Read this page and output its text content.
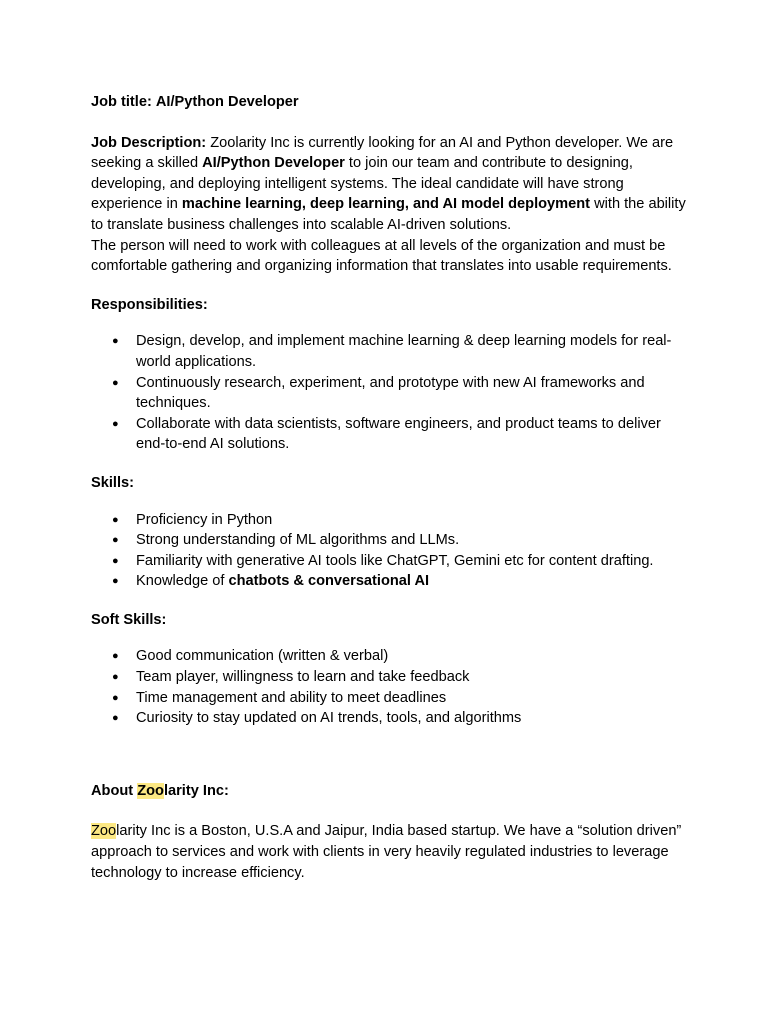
Job title: AI/Python Developer

Job Description: Zoolarity Inc is currently looking for an AI and Python developer. We are seeking a skilled AI/Python Developer to join our team and contribute to designing, developing, and deploying intelligent systems. The ideal candidate will have strong experience in machine learning, deep learning, and AI model deployment with the ability to translate business challenges into scalable AI-driven solutions.

The person will need to work with colleagues at all levels of the organization and must be comfortable gathering and organizing information that translates into usable requirements.

Responsibilities:

● Design, develop, and implement machine learning & deep learning models for real-world applications.
● Continuously research, experiment, and prototype with new AI frameworks and techniques.
● Collaborate with data scientists, software engineers, and product teams to deliver end-to-end AI solutions.

Skills:

● Proficiency in Python
● Strong understanding of ML algorithms and LLMs.
● Familiarity with generative AI tools like ChatGPT, Gemini etc for content drafting.
● Knowledge of chatbots & conversational AI

Soft Skills:

● Good communication (written & verbal)
● Team player, willingness to learn and take feedback
● Time management and ability to meet deadlines
● Curiosity to stay updated on AI trends, tools, and algorithms

About Zoolarity Inc:

Zoolarity Inc is a Boston, U.S.A and Jaipur, India based startup. We have a “solution driven” approach to services and work with clients in very heavily regulated industries to leverage technology to increase efficiency.
